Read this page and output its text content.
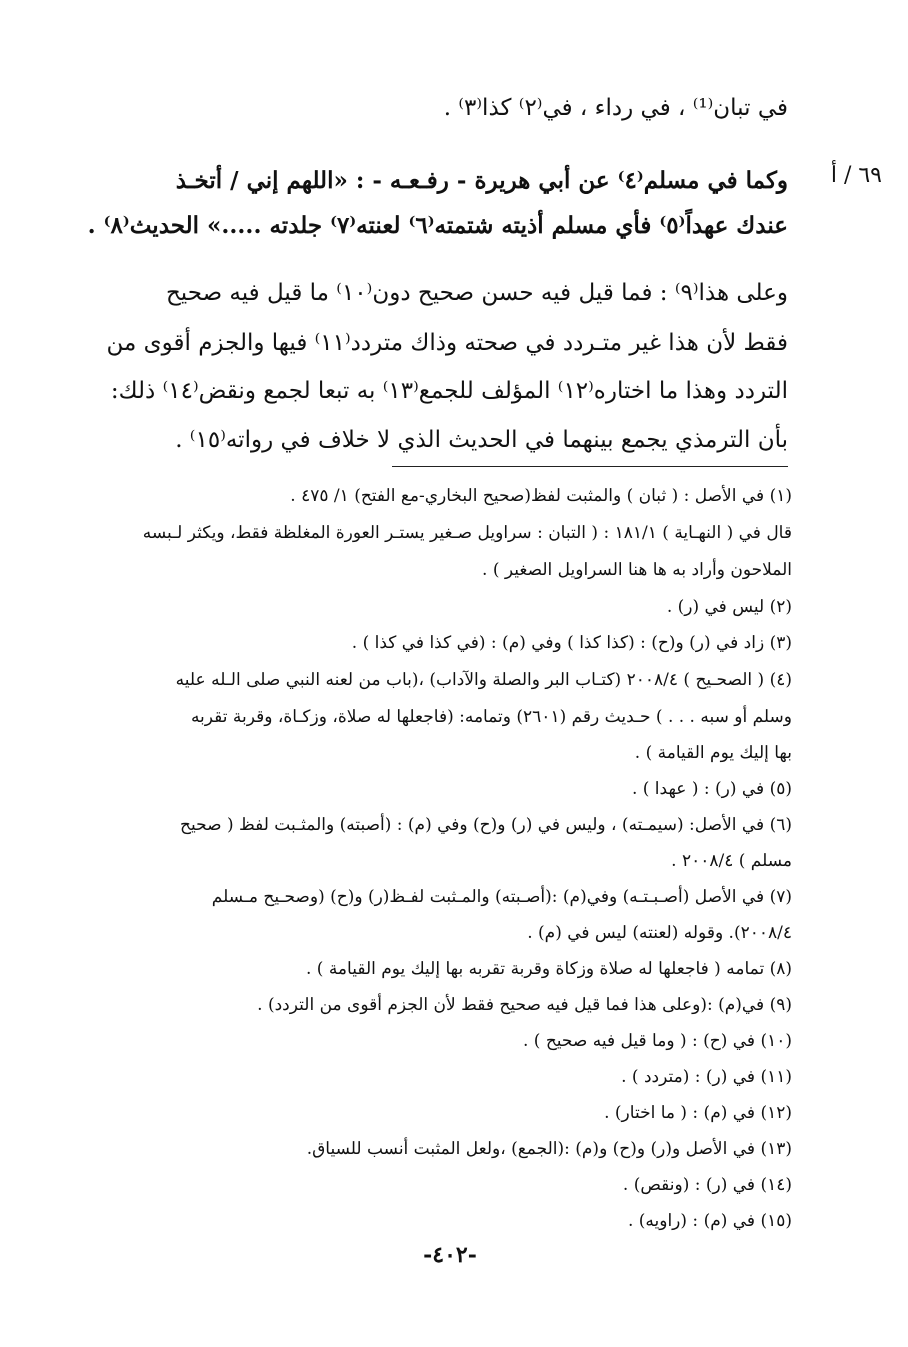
٦٩ / أ
في تبان⁽¹⁾ ، في رداء ، في⁽٢⁾ كذا⁽٣⁾ .
وكما في مسلم⁽٤⁾ عن أبي هريرة - رفـعـه - : «اللهم إني / أتخـذ
عندك عهداً⁽٥⁾ فأي مسلم أذيته شتمته⁽٦⁾ لعنته⁽٧⁾ جلدته .....» الحديث⁽٨⁾ .
وعلى هذا⁽٩⁾ : فما قيل فيه حسن صحيح دون⁽١٠⁾ ما قيل فيه صحيح
فقط لأن هذا غير متـردد في صحته وذاك متردد⁽١١⁾ فيها والجزم أقوى من
التردد وهذا ما اختاره⁽١٢⁾ المؤلف للجمع⁽١٣⁾ به تبعا لجمع ونقض⁽١٤⁾ ذلك:
بأن الترمذي يجمع بينهما في الحديث الذي لا خلاف في رواته⁽١٥⁾ .
(١) في الأصل : ( ثبان ) والمثبت لفظ(صحيح البخاري-مع الفتح) ١/ ٤٧٥ .
قال في ( النهـاية ) ١٨١/١ : ( التبان : سراويل صـغير يستـر العورة المغلظة فقط، ويكثر لـبسه
الملاحون وأراد به ها هنا السراويل الصغير ) .
(٢) ليس في (ر) .
(٣) زاد في (ر) و(ح) : (كذا كذا ) وفي (م) : (في كذا في كذا ) .
(٤) ( الصحـيح ) ٢٠٠٨/٤ (كتـاب البر والصلة والآداب) ،(باب من لعنه النبي صلى الـله عليه
وسلم أو سبه . . . ) حـديث رقم (٢٦٠١) وتمامه: (فاجعلها له صلاة، وزكـاة، وقربة تقربه
بها إليك يوم القيامة ) .
(٥) في (ر) : ( عهدا ) .
(٦) في الأصل: (سيمـته) ، وليس في (ر) و(ح) وفي (م) : (أصبته) والمثـبت لفظ ( صحيح
مسلم ) ٢٠٠٨/٤ .
(٧) في الأصل (أصـبـتـه) وفي(م) :(أصـبته) والمـثبت لفـظ(ر) و(ح) (وصحـيح مـسلم
٢٠٠٨/٤). وقوله (لعنته) ليس في (م) .
(٨) تمامه ( فاجعلها له صلاة وزكاة وقربة تقربه بها إليك يوم القيامة ) .
(٩) في(م) :(وعلى هذا فما قيل فيه صحيح فقط لأن الجزم أقوى من التردد) .
(١٠) في (ح) : ( وما قيل فيه صحيح ) .
(١١) في (ر) : (متردد ) .
(١٢) في (م) : ( ما اختار) .
(١٣) في الأصل و(ر) و(ح) و(م) :(الجمع) ،ولعل المثبت أنسب للسياق.
(١٤) في (ر) : (ونقص) .
(١٥) في (م) : (راويه) .
-٤٠٢-
